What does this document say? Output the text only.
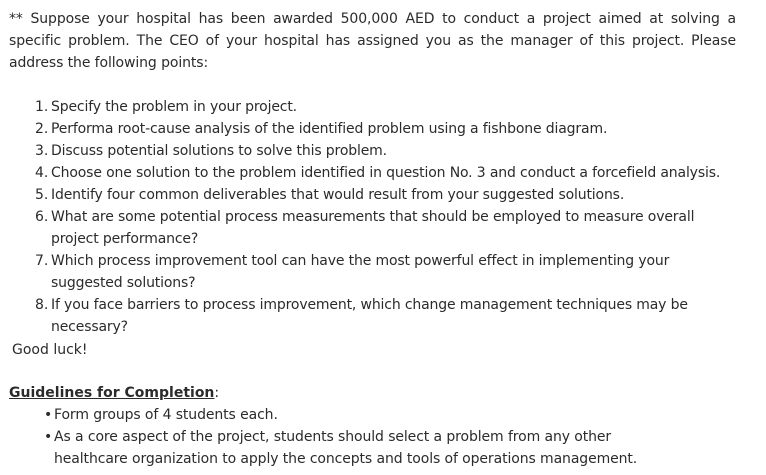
** Suppose your hospital has been awarded 500,000 AED to conduct a project aimed at solving a specific problem. The CEO of your hospital has assigned you as the manager of this project. Please address the following points:

1. Specify the problem in your project.
2. Performa root-cause analysis of the identified problem using a fishbone diagram.
3. Discuss potential solutions to solve this problem.
4. Choose one solution to the problem identified in question No. 3 and conduct a forcefield analysis.
5. Identify four common deliverables that would result from your suggested solutions.
6. What are some potential process measurements that should be employed to measure overall project performance?
7. Which process improvement tool can have the most powerful effect in implementing your suggested solutions?
8. If you face barriers to process improvement, which change management techniques may be necessary?

Good luck!

Guidelines for Completion:

• Form groups of 4 students each.
• As a core aspect of the project, students should select a problem from any other healthcare organization to apply the concepts and tools of operations management.
